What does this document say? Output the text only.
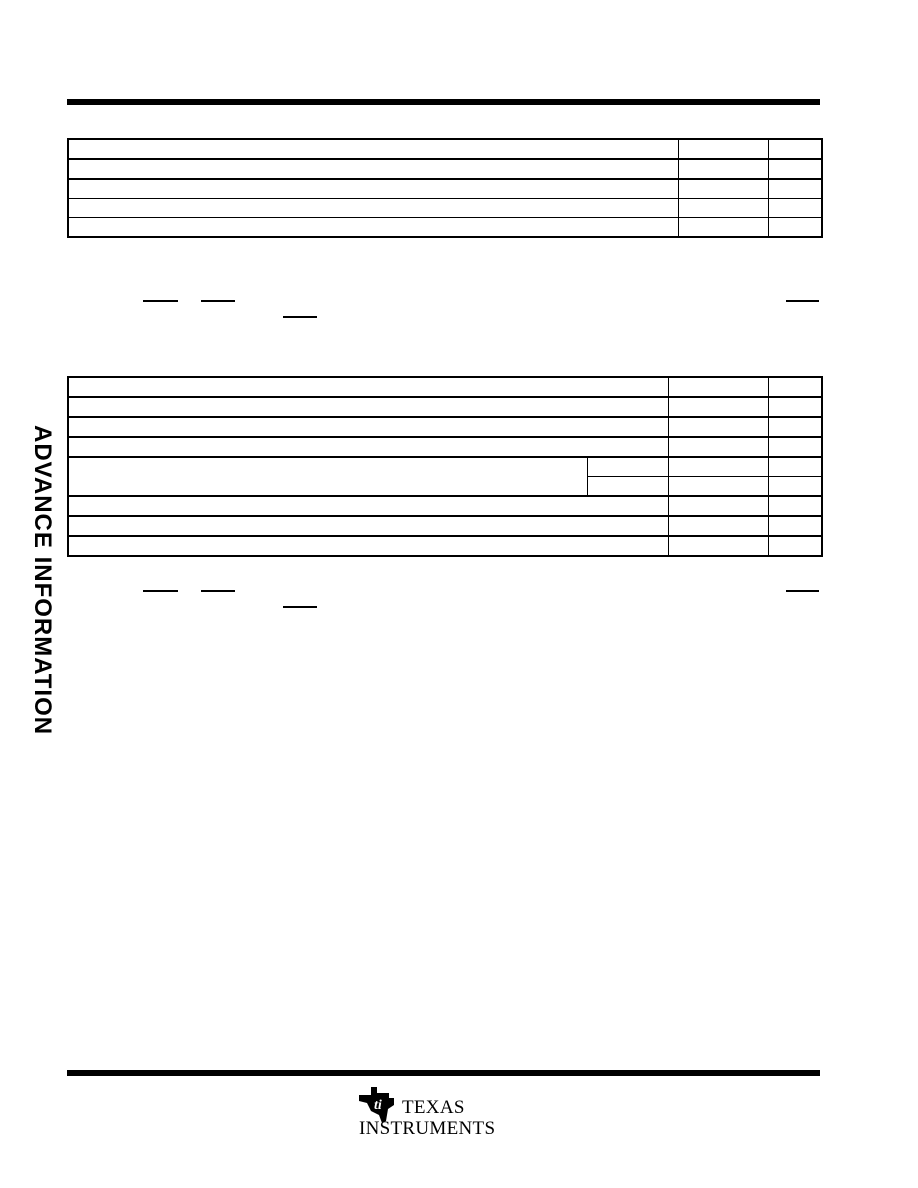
ADVANCE INFORMATION
ti TEXAS
INSTRUMENTS
